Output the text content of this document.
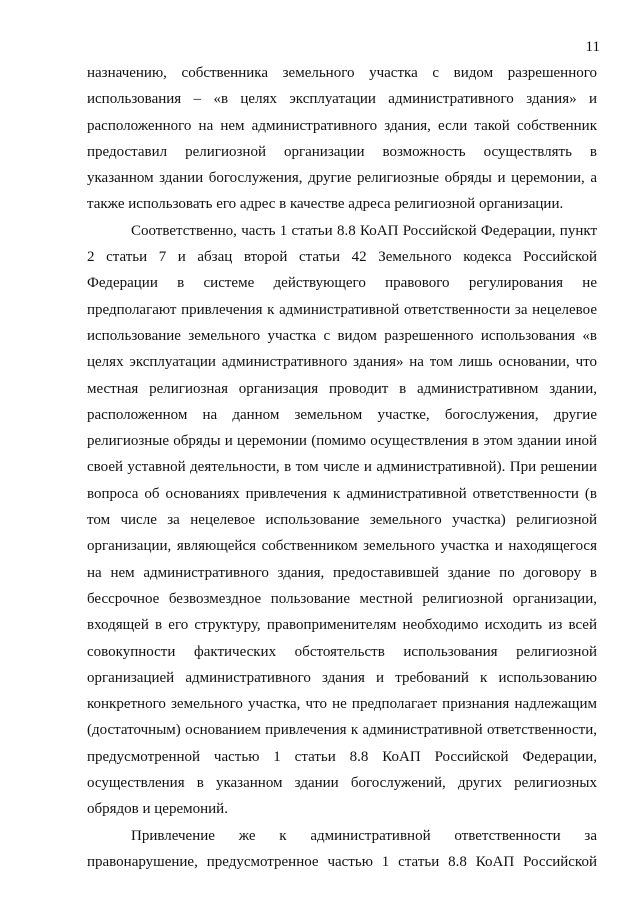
11
назначению, собственника земельного участка с видом разрешенного
использования – «в целях эксплуатации административного здания» и
расположенного на нем административного здания, если такой собственник
предоставил религиозной организации возможность осуществлять в
указанном здании богослужения, другие религиозные обряды и церемонии, а
также использовать его адрес в качестве адреса религиозной организации.
Соответственно, часть 1 статьи 8.8 КоАП Российской Федерации, пункт
2 статьи 7 и абзац второй статьи 42 Земельного кодекса Российской
Федерации в системе действующего правового регулирования не
предполагают привлечения к административной ответственности за нецелевое
использование земельного участка с видом разрешенного использования «в
целях эксплуатации административного здания» на том лишь основании, что
местная религиозная организация проводит в административном здании,
расположенном на данном земельном участке, богослужения, другие
религиозные обряды и церемонии (помимо осуществления в этом здании иной
своей уставной деятельности, в том числе и административной). При решении
вопроса об основаниях привлечения к административной ответственности (в
том числе за нецелевое использование земельного участка) религиозной
организации, являющейся собственником земельного участка и находящегося
на нем административного здания, предоставившей здание по договору в
бессрочное безвозмездное пользование местной религиозной организации,
входящей в его структуру, правоприменителям необходимо исходить из всей
совокупности фактических обстоятельств использования религиозной
организацией административного здания и требований к использованию
конкретного земельного участка, что не предполагает признания надлежащим
(достаточным) основанием привлечения к административной ответственности,
предусмотренной частью 1 статьи 8.8 КоАП Российской Федерации,
осуществления в указанном здании богослужений, других религиозных
обрядов и церемоний.
Привлечение же к административной ответственности за
правонарушение, предусмотренное частью 1 статьи 8.8 КоАП Российской
